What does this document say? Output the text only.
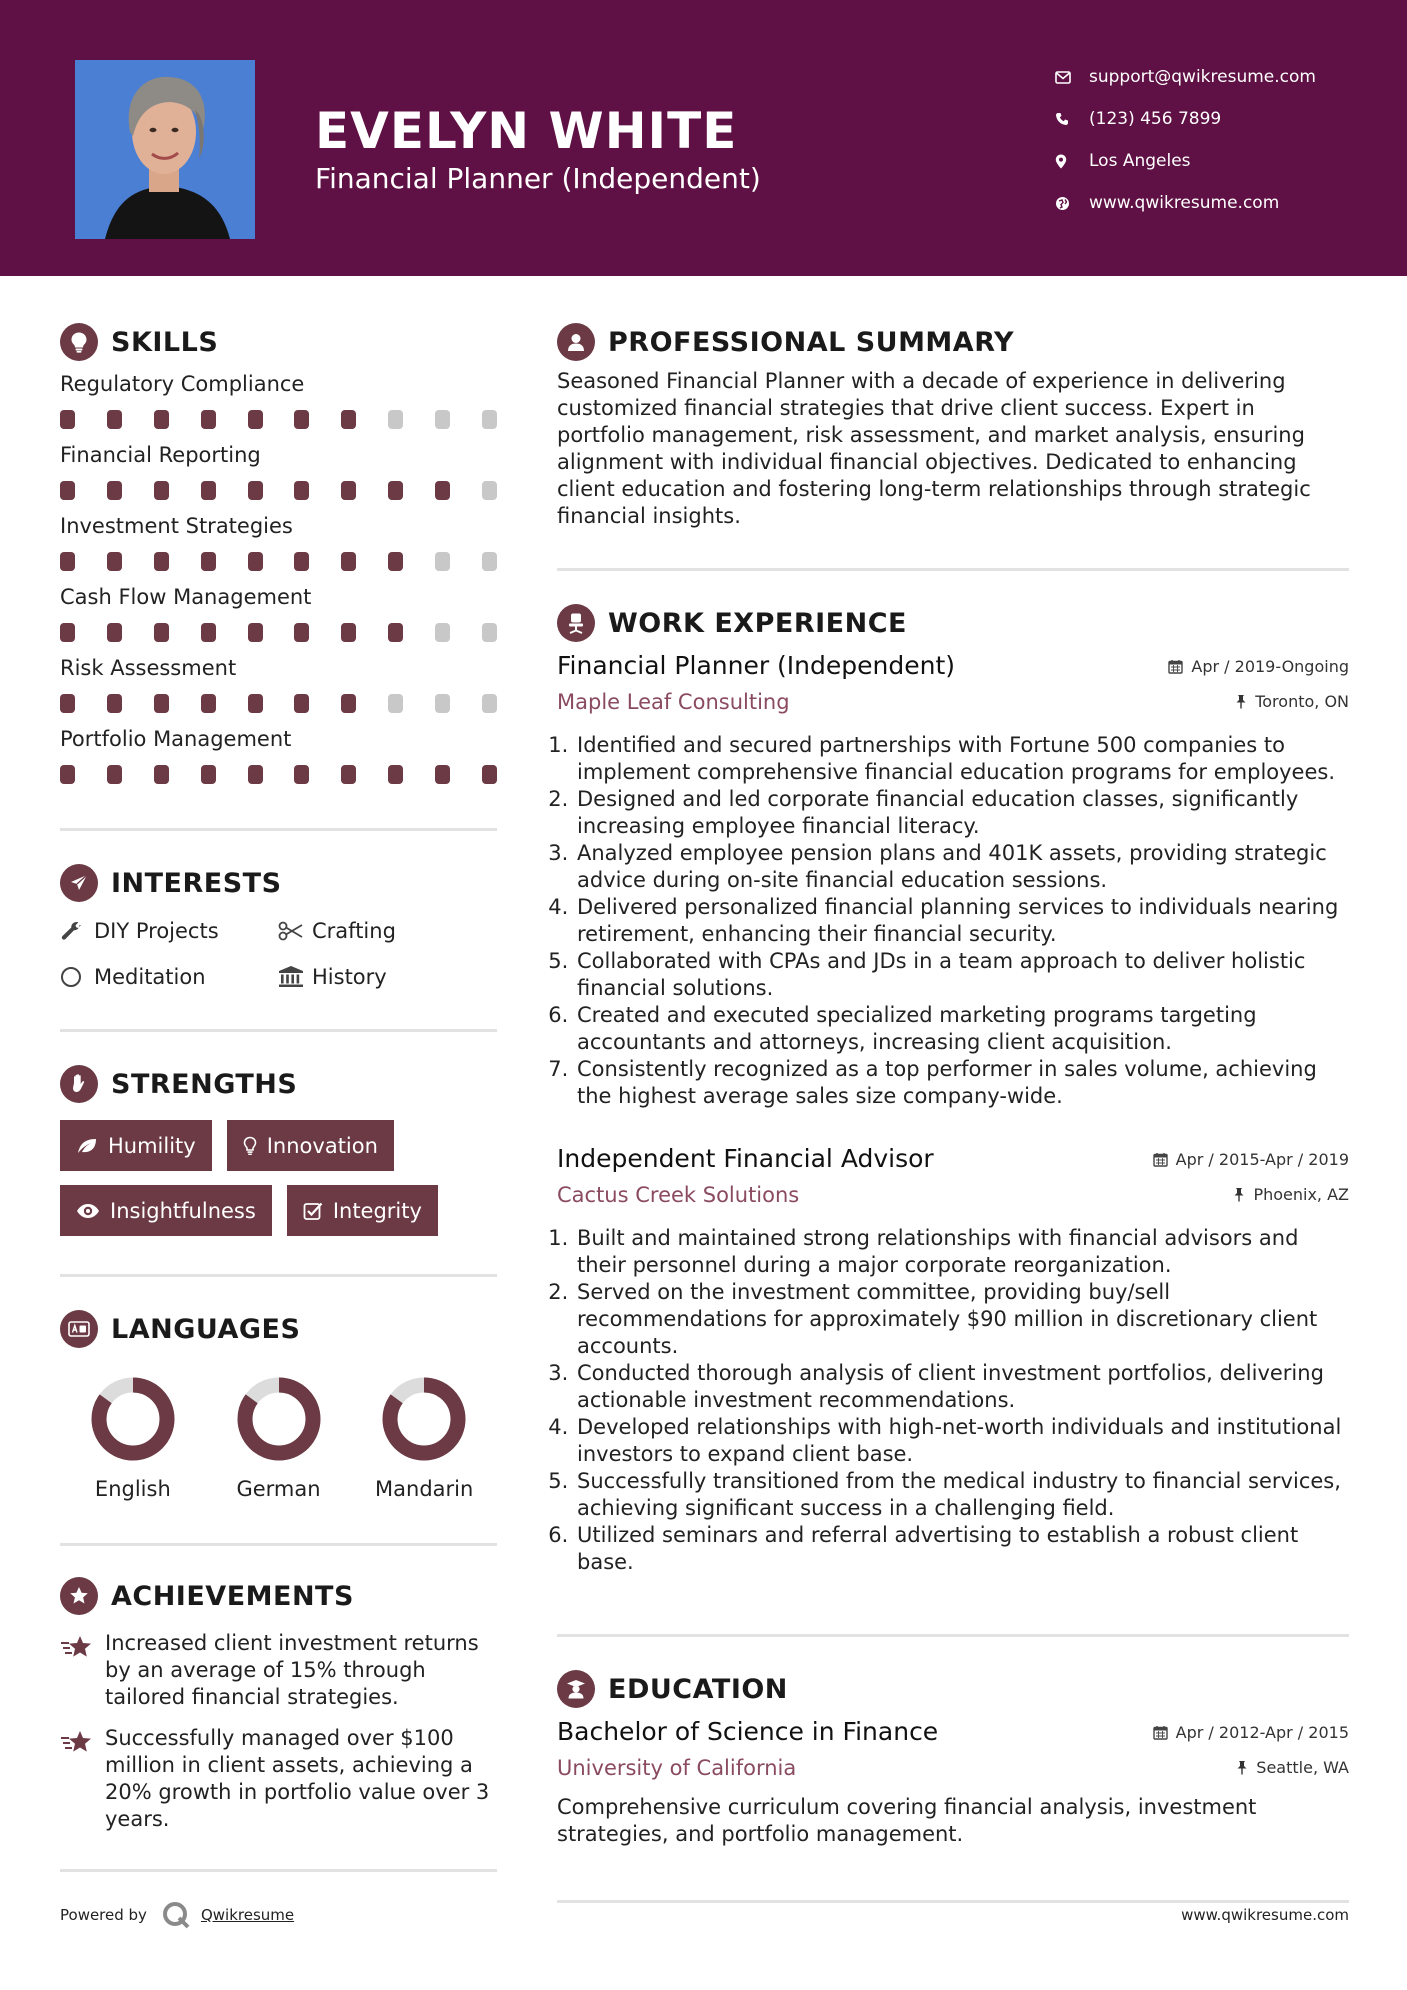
EVELYN WHITE
Financial Planner (Independent)
support@qwikresume.com
(123) 456 7899
Los Angeles
www.qwikresume.com
SKILLS
Regulatory Compliance
Financial Reporting
Investment Strategies
Cash Flow Management
Risk Assessment
Portfolio Management
INTERESTS
DIY Projects	Crafting
Meditation	History
STRENGTHS
Humility	Innovation
Insightfulness	Integrity
LANGUAGES
English	German	Mandarin
ACHIEVEMENTS
Increased client investment returns by an average of 15% through tailored financial strategies.
Successfully managed over $100 million in client assets, achieving a 20% growth in portfolio value over 3 years.
PROFESSIONAL SUMMARY

Seasoned Financial Planner with a decade of experience in delivering customized financial strategies that drive client success. Expert in portfolio management, risk assessment, and market analysis, ensuring alignment with individual financial objectives. Dedicated to enhancing client education and fostering long-term relationships through strategic financial insights.

WORK EXPERIENCE
Financial Planner (Independent)	Apr / 2019-Ongoing
Maple Leaf Consulting	Toronto, ON
1. Identified and secured partnerships with Fortune 500 companies to implement comprehensive financial education programs for employees.
2. Designed and led corporate financial education classes, significantly increasing employee financial literacy.
3. Analyzed employee pension plans and 401K assets, providing strategic advice during on-site financial education sessions.
4. Delivered personalized financial planning services to individuals nearing retirement, enhancing their financial security.
5. Collaborated with CPAs and JDs in a team approach to deliver holistic financial solutions.
6. Created and executed specialized marketing programs targeting accountants and attorneys, increasing client acquisition.
7. Consistently recognized as a top performer in sales volume, achieving the highest average sales size company-wide.
Independent Financial Advisor	Apr / 2015-Apr / 2019
Cactus Creek Solutions	Phoenix, AZ
1. Built and maintained strong relationships with financial advisors and their personnel during a major corporate reorganization.
2. Served on the investment committee, providing buy/sell recommendations for approximately $90 million in discretionary client accounts.
3. Conducted thorough analysis of client investment portfolios, delivering actionable investment recommendations.
4. Developed relationships with high-net-worth individuals and institutional investors to expand client base.
5. Successfully transitioned from the medical industry to financial services, achieving significant success in a challenging field.
6. Utilized seminars and referral advertising to establish a robust client base.
EDUCATION
Bachelor of Science in Finance	Apr / 2012-Apr / 2015
University of California	Seattle, WA

Comprehensive curriculum covering financial analysis, investment strategies, and portfolio management.

Powered by	Qwikresume	www.qwikresume.com
